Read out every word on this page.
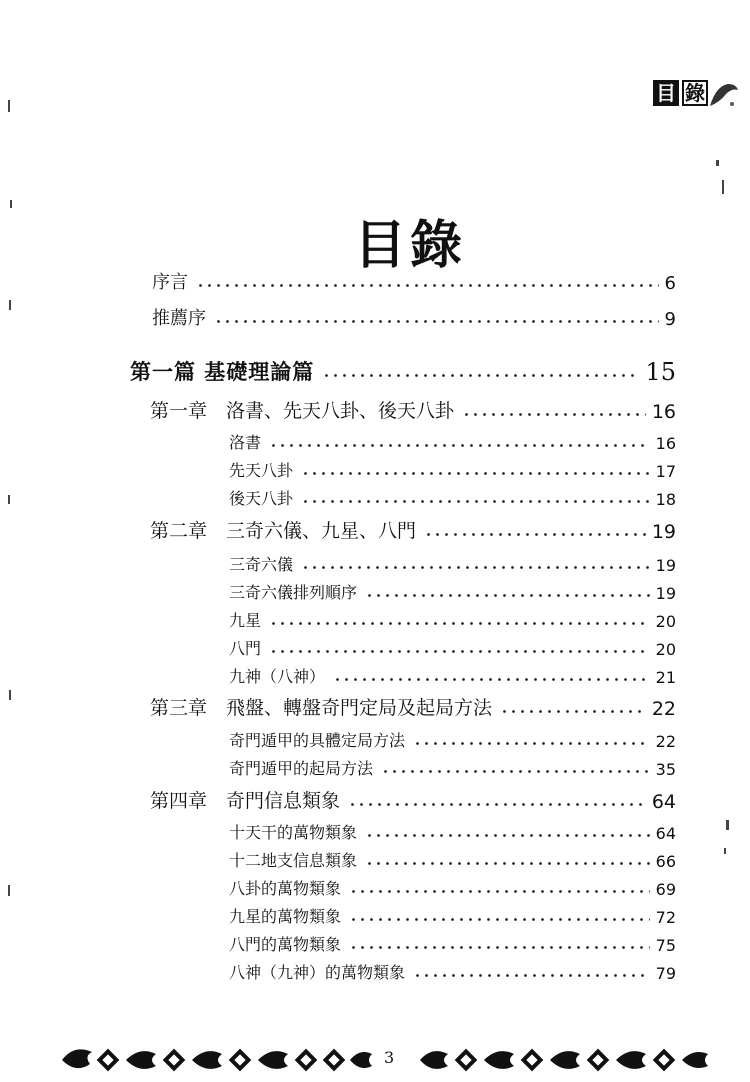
目 錄
目錄
序言	6
推薦序	9
第一篇 基礎理論篇	15
第一章　洛書、先天八卦、後天八卦	16
洛書	16
先天八卦	17
後天八卦	18
第二章　三奇六儀、九星、八門	19
三奇六儀	19
三奇六儀排列順序	19
九星	20
八門	20
九神（八神）	21
第三章　飛盤、轉盤奇門定局及起局方法	22
奇門遁甲的具體定局方法	22
奇門遁甲的起局方法	35
第四章　奇門信息類象	64
十天干的萬物類象	64
十二地支信息類象	66
八卦的萬物類象	69
九星的萬物類象	72
八門的萬物類象	75
八神（九神）的萬物類象	79
3
